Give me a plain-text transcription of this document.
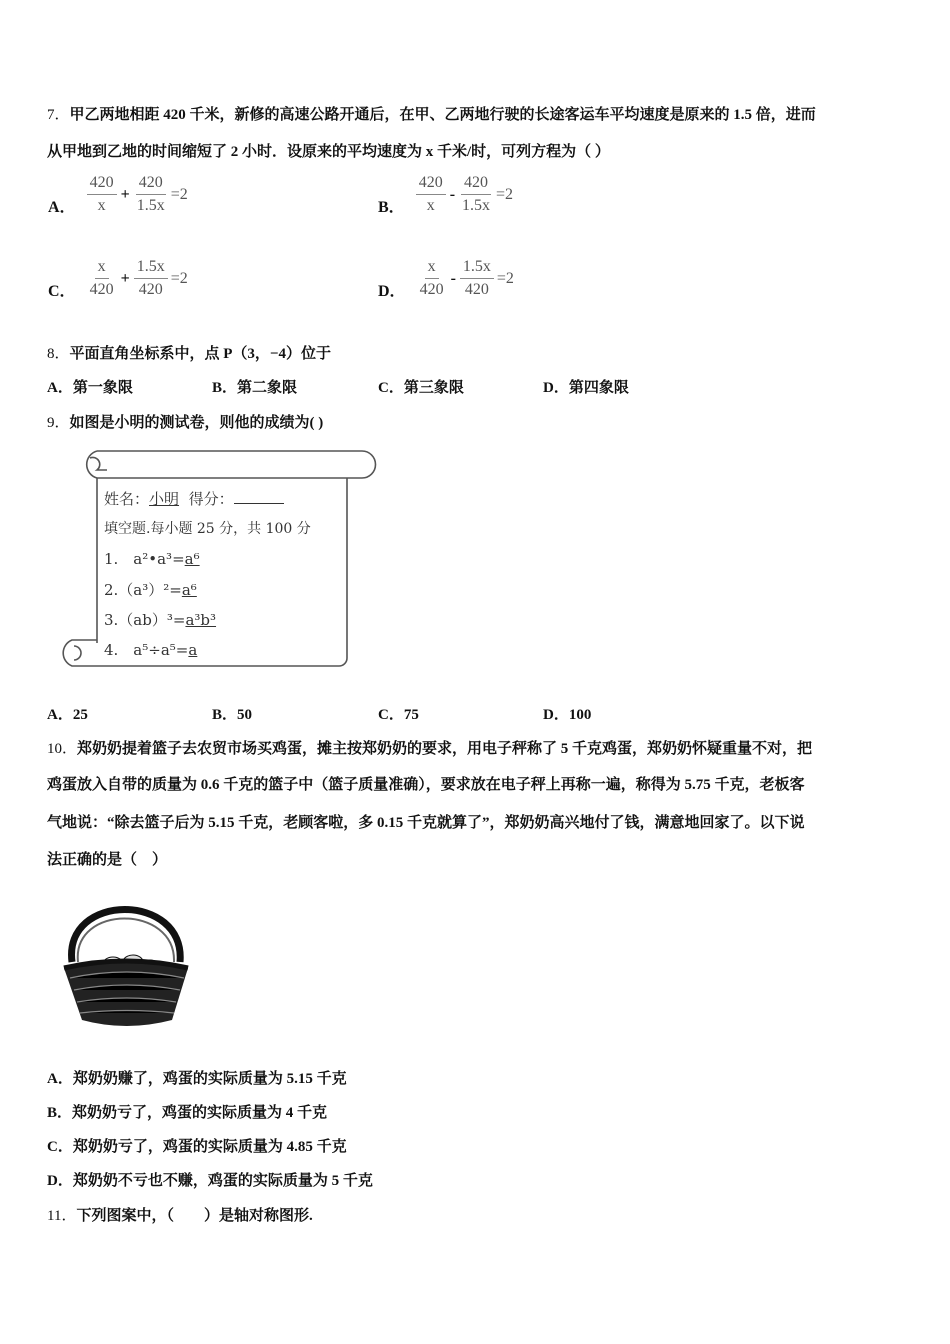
7．甲乙两地相距 420 千米，新修的高速公路开通后，在甲、乙两地行驶的长途客运车平均速度是原来的 1.5 倍，进而
从甲地到乙地的时间缩短了 2 小时．设原来的平均速度为 x 千米/时，可列方程为（ ）
A． $\frac{420}{x} + \frac{420}{1.5x} =2$
B． $\frac{420}{x} - \frac{420}{1.5x} =2$
C． $\frac{x}{420} + \frac{1.5x}{420} =2$
D． $\frac{x}{420} - \frac{1.5x}{420} =2$
8．平面直角坐标系中，点 P（3，−4）位于
A．第一象限	B．第二象限	C．第三象限	D．第四象限
9．如图是小明的测试卷，则他的成绩为( )
姓名：小明 得分：
填空题.每小题 25 分，共 100 分
1.　a²•a³=a⁶
2.（a³）²=a⁶
3.（ab）³=a³b³
4.　a⁵÷a⁵=a
A．25	B．50	C．75	D．100
10．郑奶奶提着篮子去农贸市场买鸡蛋，摊主按郑奶奶的要求，用电子秤称了 5 千克鸡蛋，郑奶奶怀疑重量不对，把
鸡蛋放入自带的质量为 0.6 千克的篮子中（篮子质量准确），要求放在电子秤上再称一遍，称得为 5.75 千克，老板客
气地说：“除去篮子后为 5.15 千克，老顾客啦，多 0.15 千克就算了”，郑奶奶高兴地付了钱，满意地回家了。以下说
法正确的是（　）
A．郑奶奶赚了，鸡蛋的实际质量为 5.15 千克
B．郑奶奶亏了，鸡蛋的实际质量为 4 千克
C．郑奶奶亏了，鸡蛋的实际质量为 4.85 千克
D．郑奶奶不亏也不赚，鸡蛋的实际质量为 5 千克
11．下列图案中，（　　）是轴对称图形.
